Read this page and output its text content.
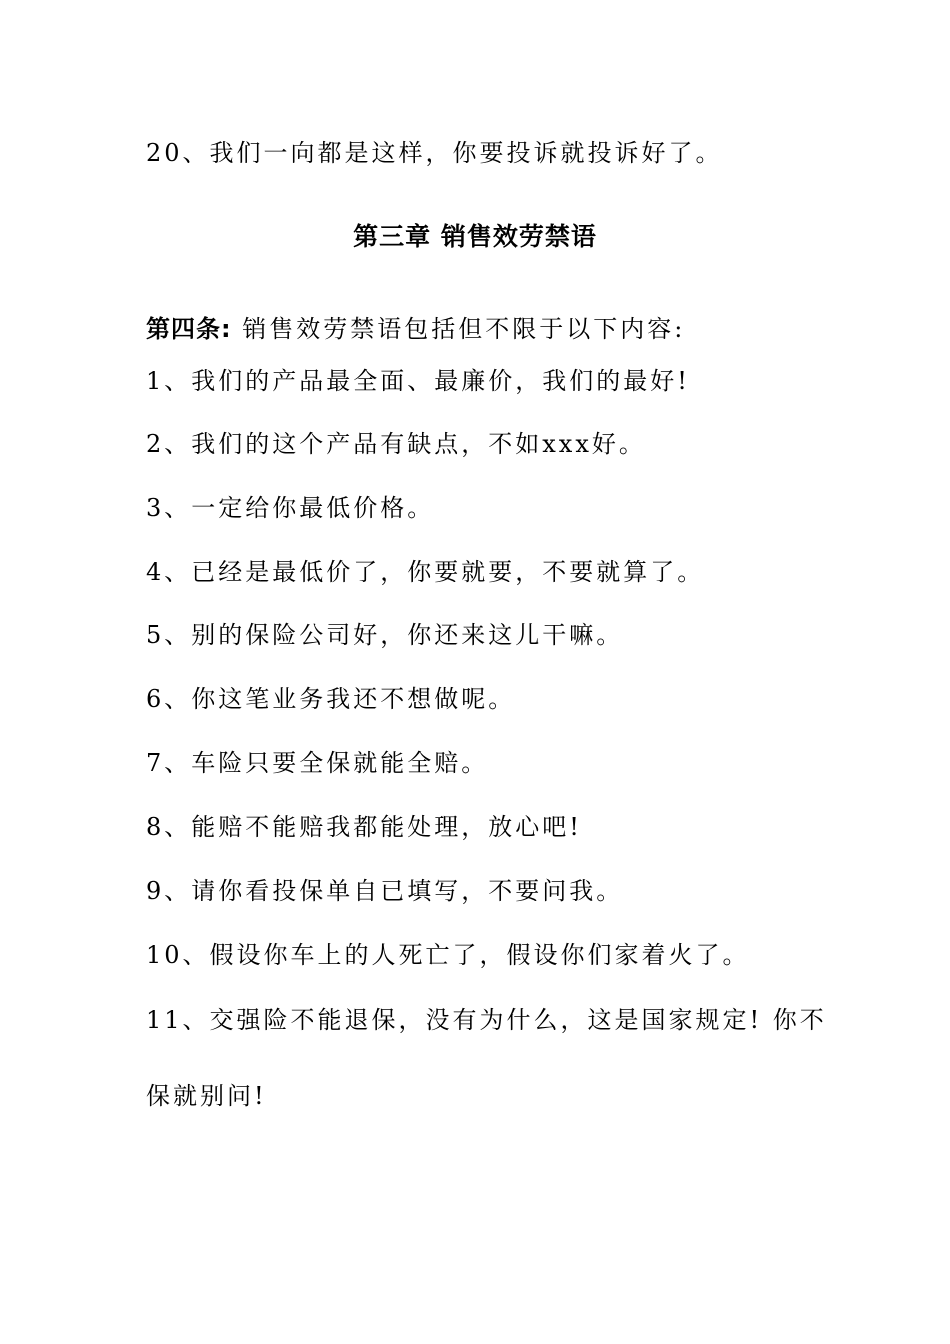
20、我们一向都是这样，你要投诉就投诉好了。
第三章 销售效劳禁语
第四条: 销售效劳禁语包括但不限于以下内容:
1、我们的产品最全面、最廉价，我们的最好!
2、我们的这个产品有缺点，不如xxx好。
3、一定给你最低价格。
4、已经是最低价了，你要就要，不要就算了。
5、别的保险公司好，你还来这儿干嘛。
6、你这笔业务我还不想做呢。
7、车险只要全保就能全赔。
8、能赔不能赔我都能处理，放心吧!
9、请你看投保单自已填写，不要问我。
10、假设你车上的人死亡了，假设你们家着火了。
11、交强险不能退保，没有为什么，这是国家规定! 你不
保就别问!
